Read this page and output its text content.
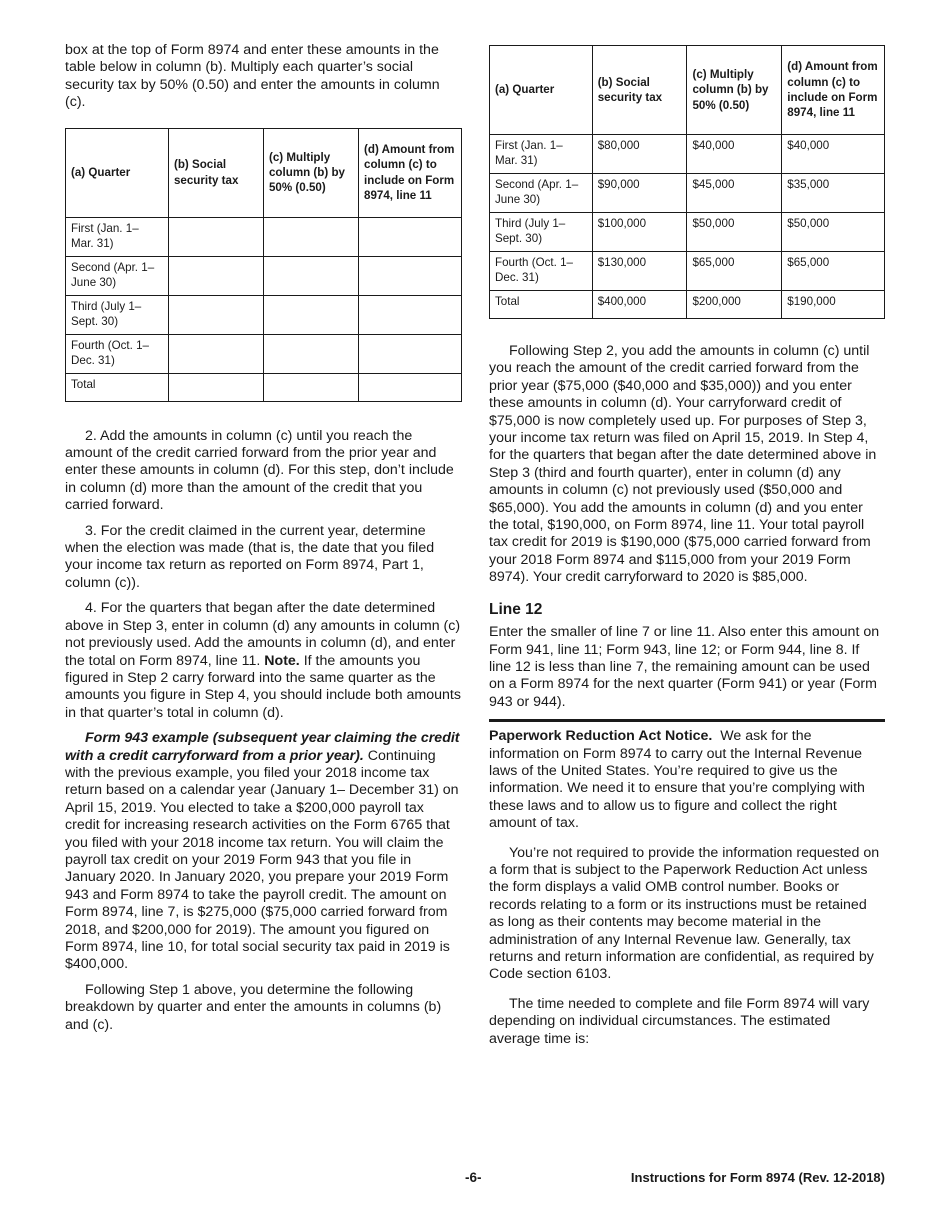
box at the top of Form 8974 and enter these amounts in the table below in column (b). Multiply each quarter’s social security tax by 50% (0.50) and enter the amounts in column (c).

(a) Quarter	(b) Social security tax	(c) Multiply column (b) by 50% (0.50)	(d) Amount from column (c) to include on Form 8974, line 11
First (Jan. 1– Mar. 31)			
Second (Apr. 1– June 30)			
Third (July 1– Sept. 30)			
Fourth (Oct. 1– Dec. 31)			
Total			

2. Add the amounts in column (c) until you reach the amount of the credit carried forward from the prior year and enter these amounts in column (d). For this step, don’t include in column (d) more than the amount of the credit that you carried forward.

3. For the credit claimed in the current year, determine when the election was made (that is, the date that you filed your income tax return as reported on Form 8974, Part 1, column (c)).

4. For the quarters that began after the date determined above in Step 3, enter in column (d) any amounts in column (c) not previously used. Add the amounts in column (d), and enter the total on Form 8974, line 11. Note. If the amounts you figured in Step 2 carry forward into the same quarter as the amounts you figure in Step 4, you should include both amounts in that quarter’s total in column (d).

Form 943 example (subsequent year claiming the credit with a credit carryforward from a prior year). Continuing with the previous example, you filed your 2018 income tax return based on a calendar year (January 1– December 31) on April 15, 2019. You elected to take a $200,000 payroll tax credit for increasing research activities on the Form 6765 that you filed with your 2018 income tax return. You will claim the payroll tax credit on your 2019 Form 943 that you file in January 2020. In January 2020, you prepare your 2019 Form 943 and Form 8974 to take the payroll credit. The amount on Form 8974, line 7, is $275,000 ($75,000 carried forward from 2018, and $200,000 for 2019). The amount you figured on Form 8974, line 10, for total social security tax paid in 2019 is $400,000.

Following Step 1 above, you determine the following breakdown by quarter and enter the amounts in columns (b) and (c).

(a) Quarter	(b) Social security tax	(c) Multiply column (b) by 50% (0.50)	(d) Amount from column (c) to include on Form 8974, line 11
First (Jan. 1– Mar. 31)	$80,000	$40,000	$40,000
Second (Apr. 1– June 30)	$90,000	$45,000	$35,000
Third (July 1– Sept. 30)	$100,000	$50,000	$50,000
Fourth (Oct. 1– Dec. 31)	$130,000	$65,000	$65,000
Total	$400,000	$200,000	$190,000

Following Step 2, you add the amounts in column (c) until you reach the amount of the credit carried forward from the prior year ($75,000 ($40,000 and $35,000)) and you enter these amounts in column (d). Your carryforward credit of $75,000 is now completely used up. For purposes of Step 3, your income tax return was filed on April 15, 2019. In Step 4, for the quarters that began after the date determined above in Step 3 (third and fourth quarter), enter in column (d) any amounts in column (c) not previously used ($50,000 and $65,000). You add the amounts in column (d) and you enter the total, $190,000, on Form 8974, line 11. Your total payroll tax credit for 2019 is $190,000 ($75,000 carried forward from your 2018 Form 8974 and $115,000 from your 2019 Form 8974). Your credit carryforward to 2020 is $85,000.

Line 12

Enter the smaller of line 7 or line 11. Also enter this amount on Form 941, line 11; Form 943, line 12; or Form 944, line 8. If line 12 is less than line 7, the remaining amount can be used on a Form 8974 for the next quarter (Form 941) or year (Form 943 or 944).

Paperwork Reduction Act Notice. We ask for the information on Form 8974 to carry out the Internal Revenue laws of the United States. You’re required to give us the information. We need it to ensure that you’re complying with these laws and to allow us to figure and collect the right amount of tax.

You’re not required to provide the information requested on a form that is subject to the Paperwork Reduction Act unless the form displays a valid OMB control number. Books or records relating to a form or its instructions must be retained as long as their contents may become material in the administration of any Internal Revenue law. Generally, tax returns and return information are confidential, as required by Code section 6103.

The time needed to complete and file Form 8974 will vary depending on individual circumstances. The estimated average time is:

-6-	Instructions for Form 8974 (Rev. 12-2018)
